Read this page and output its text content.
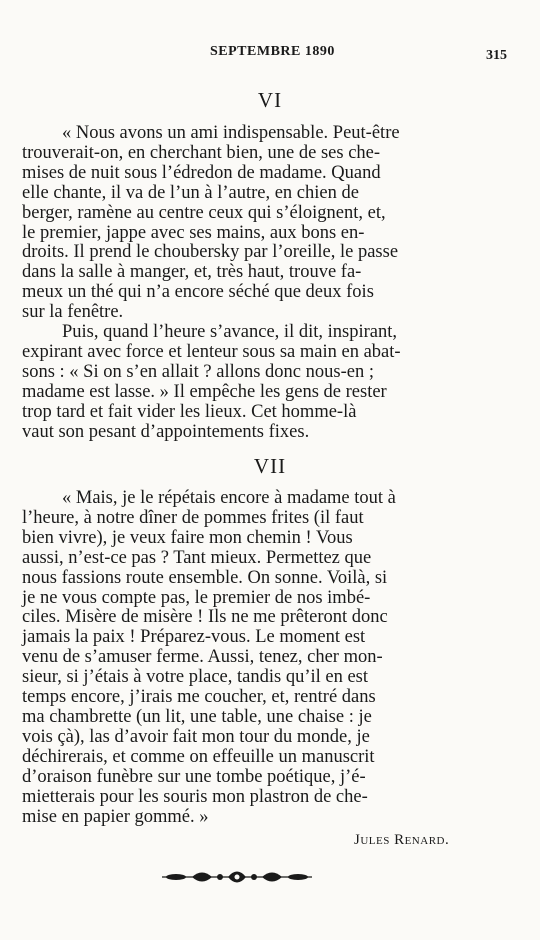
SEPTEMBRE 1890	315
VI

« Nous avons un ami indispensable. Peut-être
trouverait-on, en cherchant bien, une de ses che-
mises de nuit sous l’édredon de madame. Quand
elle chante, il va de l’un à l’autre, en chien de
berger, ramène au centre ceux qui s’éloignent, et,
le premier, jappe avec ses mains, aux bons en-
droits. Il prend le choubersky par l’oreille, le passe
dans la salle à manger, et, très haut, trouve fa-
meux un thé qui n’a encore séché que deux fois
sur la fenêtre.

Puis, quand l’heure s’avance, il dit, inspirant,
expirant avec force et lenteur sous sa main en abat-
sons : « Si on s’en allait ? allons donc nous-en ;
madame est lasse. » Il empêche les gens de rester
trop tard et fait vider les lieux. Cet homme-là
vaut son pesant d’appointements fixes.

VII

« Mais, je le répétais encore à madame tout à
l’heure, à notre dîner de pommes frites (il faut
bien vivre), je veux faire mon chemin ! Vous
aussi, n’est-ce pas ? Tant mieux. Permettez que
nous fassions route ensemble. On sonne. Voilà, si
je ne vous compte pas, le premier de nos imbé-
ciles. Misère de misère ! Ils ne me prêteront donc
jamais la paix ! Préparez-vous. Le moment est
venu de s’amuser ferme. Aussi, tenez, cher mon-
sieur, si j’étais à votre place, tandis qu’il en est
temps encore, j’irais me coucher, et, rentré dans
ma chambrette (un lit, une table, une chaise : je
vois çà), las d’avoir fait mon tour du monde, je
déchirerais, et comme on effeuille un manuscrit
d’oraison funèbre sur une tombe poétique, j’é-
mietterais pour les souris mon plastron de che-
mise en papier gommé. »

Jules Renard.
